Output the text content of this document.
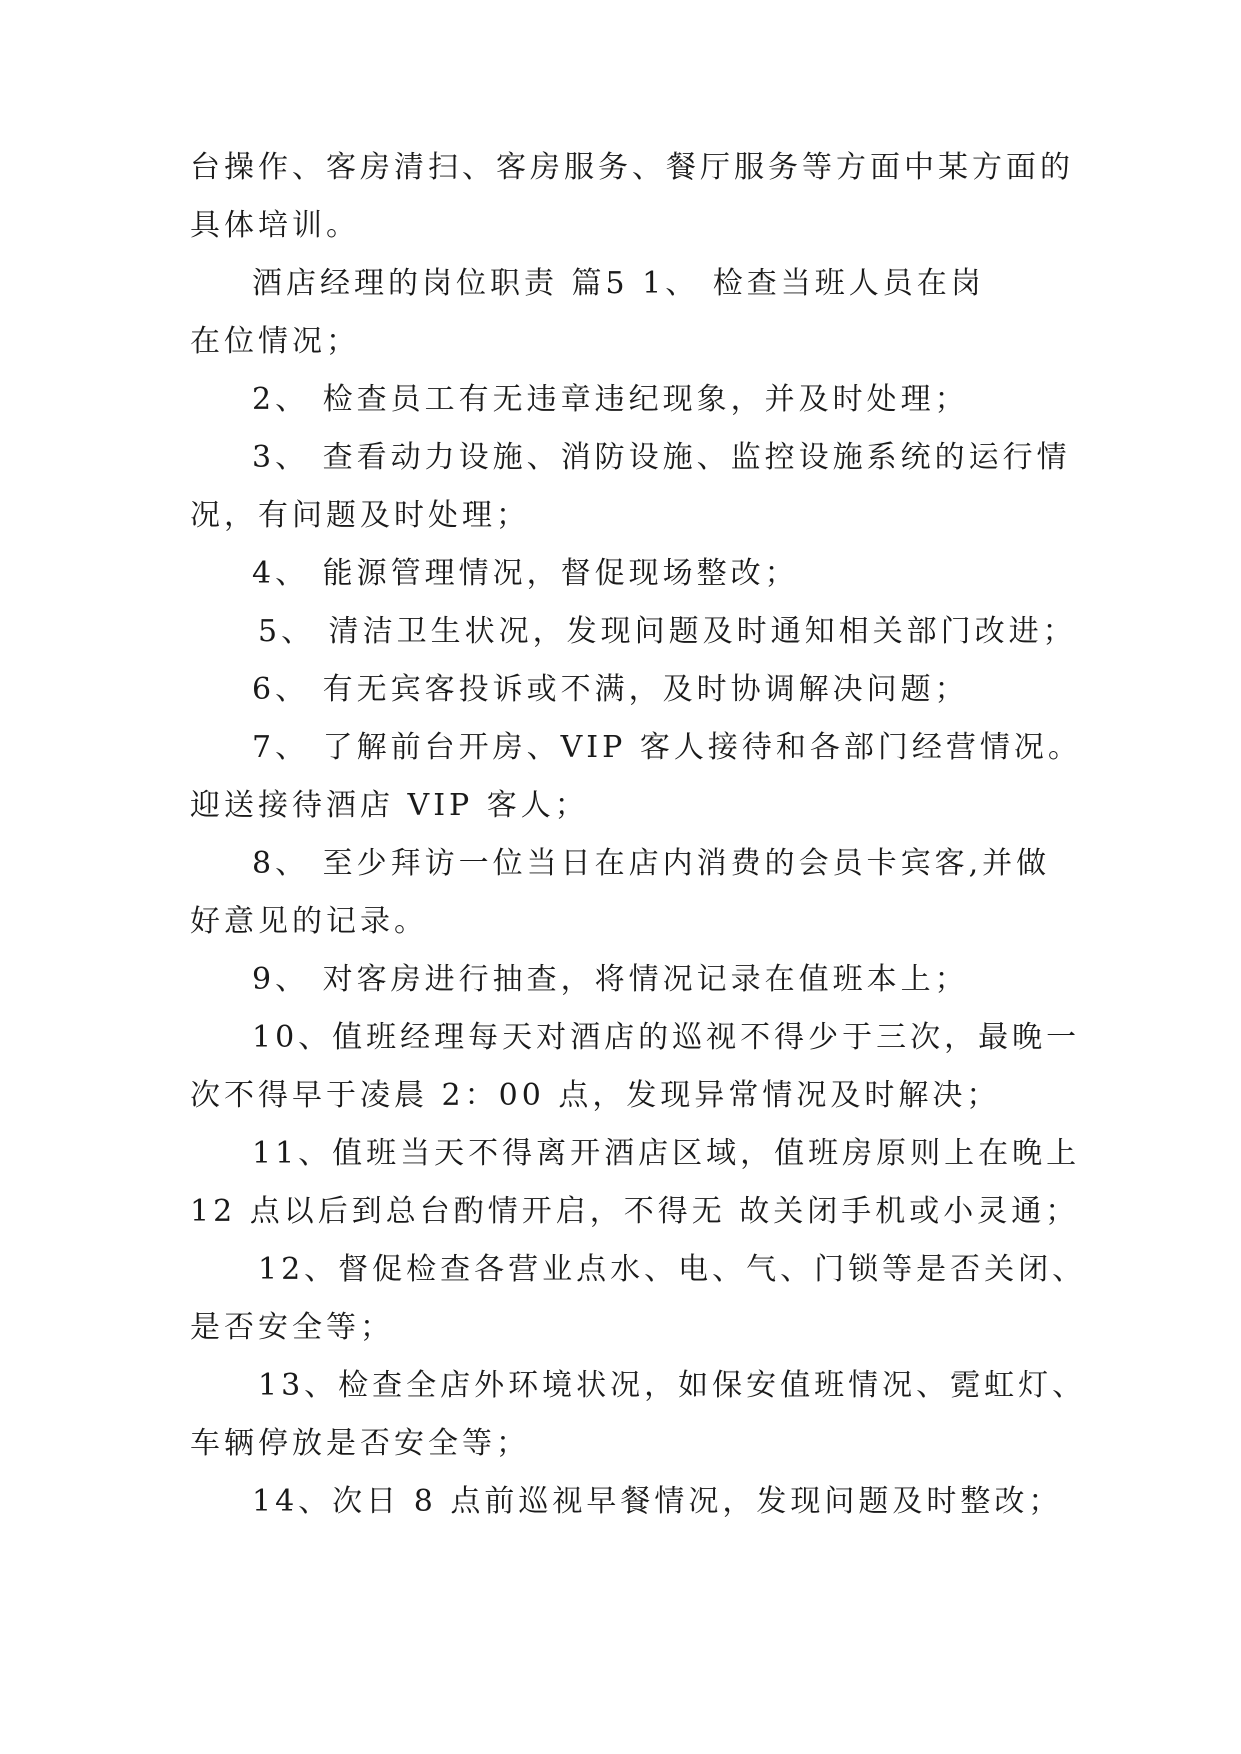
台操作、客房清扫、客房服务、餐厅服务等方面中某方面的
具体培训。
酒店经理的岗位职责 篇5 1、 检查当班人员在岗
在位情况；
2、 检查员工有无违章违纪现象，并及时处理；
3、 查看动力设施、消防设施、监控设施系统的运行情
况，有问题及时处理；
4、 能源管理情况，督促现场整改；
5、 清洁卫生状况，发现问题及时通知相关部门改进；
6、 有无宾客投诉或不满，及时协调解决问题；
7、 了解前台开房、VIP 客人接待和各部门经营情况。
迎送接待酒店 VIP 客人；
8、 至少拜访一位当日在店内消费的会员卡宾客,并做
好意见的记录。
9、 对客房进行抽查，将情况记录在值班本上；
10、值班经理每天对酒店的巡视不得少于三次，最晚一
次不得早于凌晨 2：00 点，发现异常情况及时解决；
11、值班当天不得离开酒店区域，值班房原则上在晚上
12 点以后到总台酌情开启，不得无 故关闭手机或小灵通；
12、督促检查各营业点水、电、气、门锁等是否关闭、
是否安全等；
13、检查全店外环境状况，如保安值班情况、霓虹灯、
车辆停放是否安全等；
14、次日 8 点前巡视早餐情况，发现问题及时整改；
